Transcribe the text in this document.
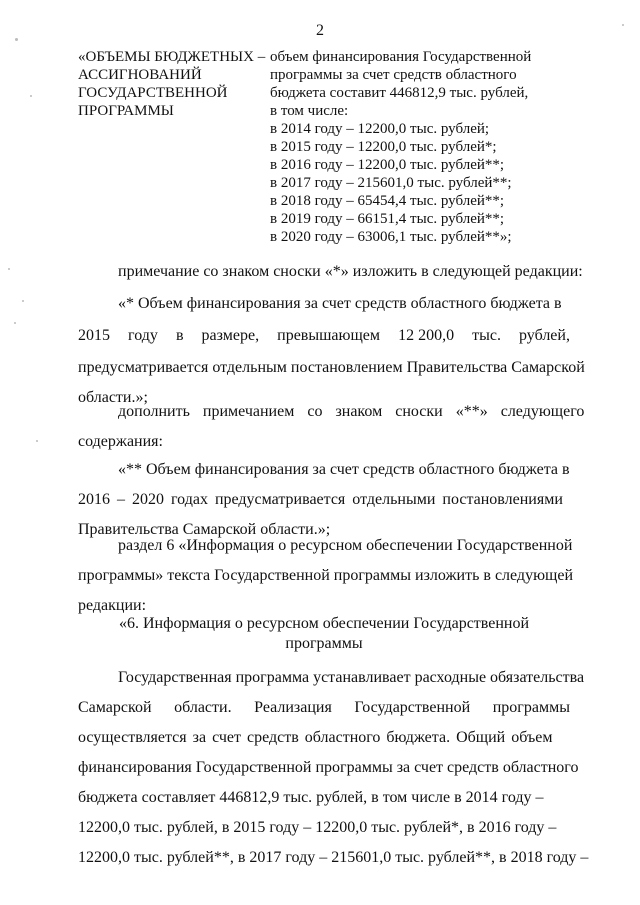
2
«ОБЪЕМЫ БЮДЖЕТНЫХ –
АССИГНОВАНИЙ
ГОСУДАРСТВЕННОЙ
ПРОГРАММЫ
объем финансирования Государственной
программы за счет средств областного
бюджета составит 446812,9 тыс. рублей,
в том числе:
в 2014 году – 12200,0 тыс. рублей;
в 2015 году – 12200,0 тыс. рублей*;
в 2016 году – 12200,0 тыс. рублей**;
в 2017 году – 215601,0 тыс. рублей**;
в 2018 году – 65454,4 тыс. рублей**;
в 2019 году – 66151,4 тыс. рублей**;
в 2020 году – 63006,1 тыс. рублей**»;
примечание со знаком сноски «*» изложить в следующей редакции:
«* Объем финансирования за счет средств областного бюджета в
2015 году в размере, превышающем 12 200,0 тыс. рублей,
предусматривается отдельным постановлением Правительства Самарской
области.»;
дополнить примечанием со знаком сноски «**» следующего
содержания:
«** Объем финансирования за счет средств областного бюджета в
2016 – 2020 годах предусматривается отдельными постановлениями
Правительства Самарской области.»;
раздел 6 «Информация о ресурсном обеспечении Государственной
программы» текста Государственной программы изложить в следующей
редакции:
«6. Информация о ресурсном обеспечении Государственной
программы
Государственная программа устанавливает расходные обязательства
Самарской области. Реализация Государственной программы
осуществляется за счет средств областного бюджета. Общий объем
финансирования Государственной программы за счет средств областного
бюджета составляет 446812,9 тыс. рублей, в том числе в 2014 году –
12200,0 тыс. рублей, в 2015 году – 12200,0 тыс. рублей*, в 2016 году –
12200,0 тыс. рублей**, в 2017 году – 215601,0 тыс. рублей**, в 2018 году –
